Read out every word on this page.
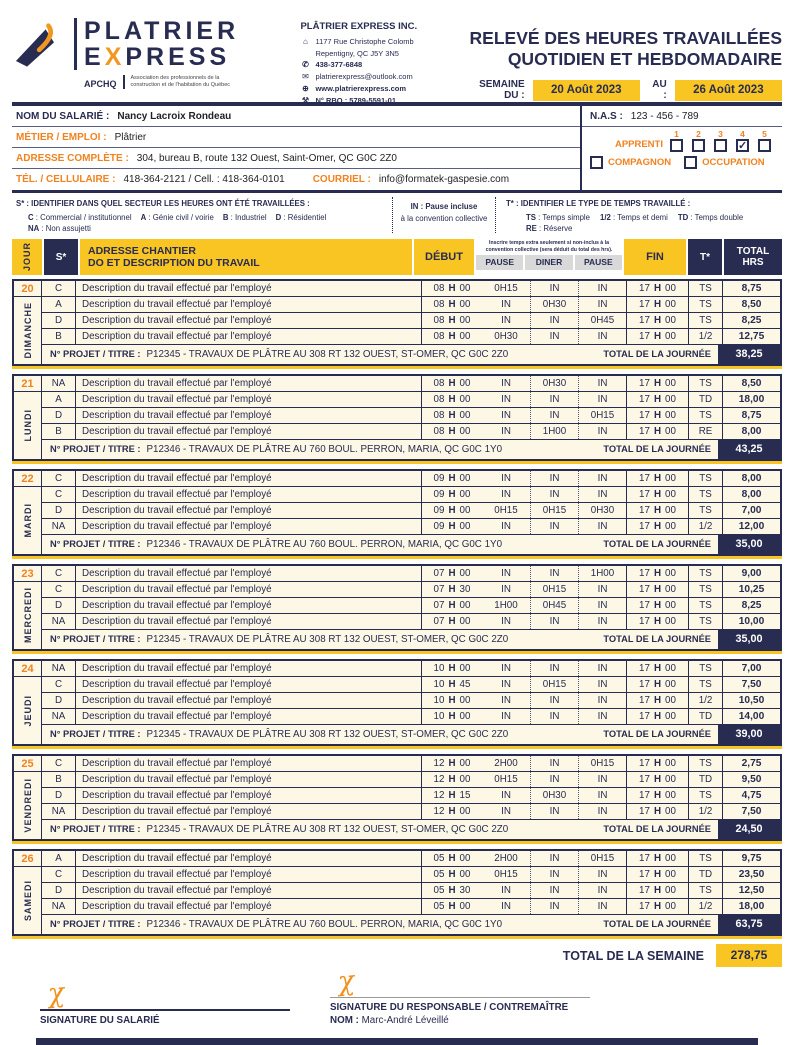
PLATRIER
EXPRESS
APCHQ
Association des professionnels de la construction et de l'habitation du Québec
PLÂTRIER EXPRESS INC.
⌂	1177 Rue Christophe Colomb
Repentigny, QC J5Y 3N5
✆ 438-377-6848
✉ platrierexpress@outlook.com
⊕ www.platrierexpress.com
⚒ N° RBQ : 5789-5591-01
RELEVÉ DES HEURES TRAVAILLÉES
QUOTIDIEN ET HEBDOMADAIRE
SEMAINE DU :	20 Août 2023	AU :	26 Août 2023
NOM DU SALARIÉ : Nancy Lacroix Rondeau
MÉTIER / EMPLOI : Plâtrier
ADRESSE COMPLÈTE : 304, bureau B, route 132 Ouest, Saint-Omer, QC G0C 2Z0
TÉL. / CELLULAIRE : 418-364-2121 / Cell. : 418-364-0101	COURRIEL : info@formatek-gaspesie.com
N.A.S : 123 - 456 - 789
APPRENTI
1 2 3 4
✓
5
COMPAGNON	OCCUPATION
S* : IDENTIFIER DANS QUEL SECTEUR LES HEURES ONT ÉTÉ TRAVAILLÉES :
C : Commercial / institutionnel A : Génie civil / voirie B : Industriel D : Résidentiel
NA : Non assujetti
IN : Pause incluse
à la convention collective
T* : IDENTIFIER LE TYPE DE TEMPS TRAVAILLÉ :
TS : Temps simple 1/2 : Temps et demi TD : Temps double
RE : Réserve
JOUR	S*	ADRESSE CHANTIER
DO ET DESCRIPTION DU TRAVAIL	DÉBUT
Inscrire temps extra seulement si non-inclus à la convention collective (sera déduit du total des hrs).
PAUSE	DINER	PAUSE	FIN	T*	TOTAL
HRS
20
DIMANCHE
C	Description du travail effectué par l'employé	08 H 00	0H15	IN	IN	17 H 00	TS	8,75
A	Description du travail effectué par l'employé	08 H 00	IN	0H30	IN	17 H 00	TS	8,50
D	Description du travail effectué par l'employé	08 H 00	IN	IN	0H45	17 H 00	TS	8,25
B	Description du travail effectué par l'employé	08 H 00	0H30	IN	IN	17 H 00	1/2	12,75
N° PROJET / TITRE : P12345 - TRAVAUX DE PLÂTRE AU 308 RT 132 OUEST, ST-OMER, QC G0C 2Z0	TOTAL DE LA JOURNÉE	38,25
21
LUNDI
NA	Description du travail effectué par l'employé	08 H 00	IN	0H30	IN	17 H 00	TS	8,50
A	Description du travail effectué par l'employé	08 H 00	IN	IN	IN	17 H 00	TD	18,00
D	Description du travail effectué par l'employé	08 H 00	IN	IN	0H15	17 H 00	TS	8,75
B	Description du travail effectué par l'employé	08 H 00	IN	1H00	IN	17 H 00	RE	8,00
N° PROJET / TITRE : P12346 - TRAVAUX DE PLÂTRE AU 760 BOUL. PERRON, MARIA, QC G0C 1Y0	TOTAL DE LA JOURNÉE	43,25
22
MARDI
C	Description du travail effectué par l'employé	09 H 00	IN	IN	IN	17 H 00	TS	8,00
C	Description du travail effectué par l'employé	09 H 00	IN	IN	IN	17 H 00	TS	8,00
D	Description du travail effectué par l'employé	09 H 00	0H15	0H15	0H30	17 H 00	TS	7,00
NA	Description du travail effectué par l'employé	09 H 00	IN	IN	IN	17 H 00	1/2	12,00
N° PROJET / TITRE : P12346 - TRAVAUX DE PLÂTRE AU 760 BOUL. PERRON, MARIA, QC G0C 1Y0	TOTAL DE LA JOURNÉE	35,00
23
MERCREDI
C	Description du travail effectué par l'employé	07 H 00	IN	IN	1H00	17 H 00	TS	9,00
C	Description du travail effectué par l'employé	07 H 30	IN	0H15	IN	17 H 00	TS	10,25
D	Description du travail effectué par l'employé	07 H 00	1H00	0H45	IN	17 H 00	TS	8,25
NA	Description du travail effectué par l'employé	07 H 00	IN	IN	IN	17 H 00	TS	10,00
N° PROJET / TITRE : P12345 - TRAVAUX DE PLÂTRE AU 308 RT 132 OUEST, ST-OMER, QC G0C 2Z0	TOTAL DE LA JOURNÉE	35,00
24
JEUDI
NA	Description du travail effectué par l'employé	10 H 00	IN	IN	IN	17 H 00	TS	7,00
C	Description du travail effectué par l'employé	10 H 45	IN	0H15	IN	17 H 00	TS	7,50
D	Description du travail effectué par l'employé	10 H 00	IN	IN	IN	17 H 00	1/2	10,50
NA	Description du travail effectué par l'employé	10 H 00	IN	IN	IN	17 H 00	TD	14,00
N° PROJET / TITRE : P12345 - TRAVAUX DE PLÂTRE AU 308 RT 132 OUEST, ST-OMER, QC G0C 2Z0	TOTAL DE LA JOURNÉE	39,00
25
VENDREDI
C	Description du travail effectué par l'employé	12 H 00	2H00	IN	0H15	17 H 00	TS	2,75
B	Description du travail effectué par l'employé	12 H 00	0H15	IN	IN	17 H 00	TD	9,50
D	Description du travail effectué par l'employé	12 H 15	IN	0H30	IN	17 H 00	TS	4,75
NA	Description du travail effectué par l'employé	12 H 00	IN	IN	IN	17 H 00	1/2	7,50
N° PROJET / TITRE : P12345 - TRAVAUX DE PLÂTRE AU 308 RT 132 OUEST, ST-OMER, QC G0C 2Z0	TOTAL DE LA JOURNÉE	24,50
26
SAMEDI
A	Description du travail effectué par l'employé	05 H 00	2H00	IN	0H15	17 H 00	TS	9,75
C	Description du travail effectué par l'employé	05 H 00	0H15	IN	IN	17 H 00	TD	23,50
D	Description du travail effectué par l'employé	05 H 30	IN	IN	IN	17 H 00	TS	12,50
NA	Description du travail effectué par l'employé	05 H 00	IN	IN	IN	17 H 00	1/2	18,00
N° PROJET / TITRE : P12346 - TRAVAUX DE PLÂTRE AU 760 BOUL. PERRON, MARIA, QC G0C 1Y0	TOTAL DE LA JOURNÉE	63,75
TOTAL DE LA SEMAINE	278,75
χ
SIGNATURE DU SALARIÉ
χ
SIGNATURE DU RESPONSABLE / CONTREMAÎTRE
NOM : Marc-André Léveillé
